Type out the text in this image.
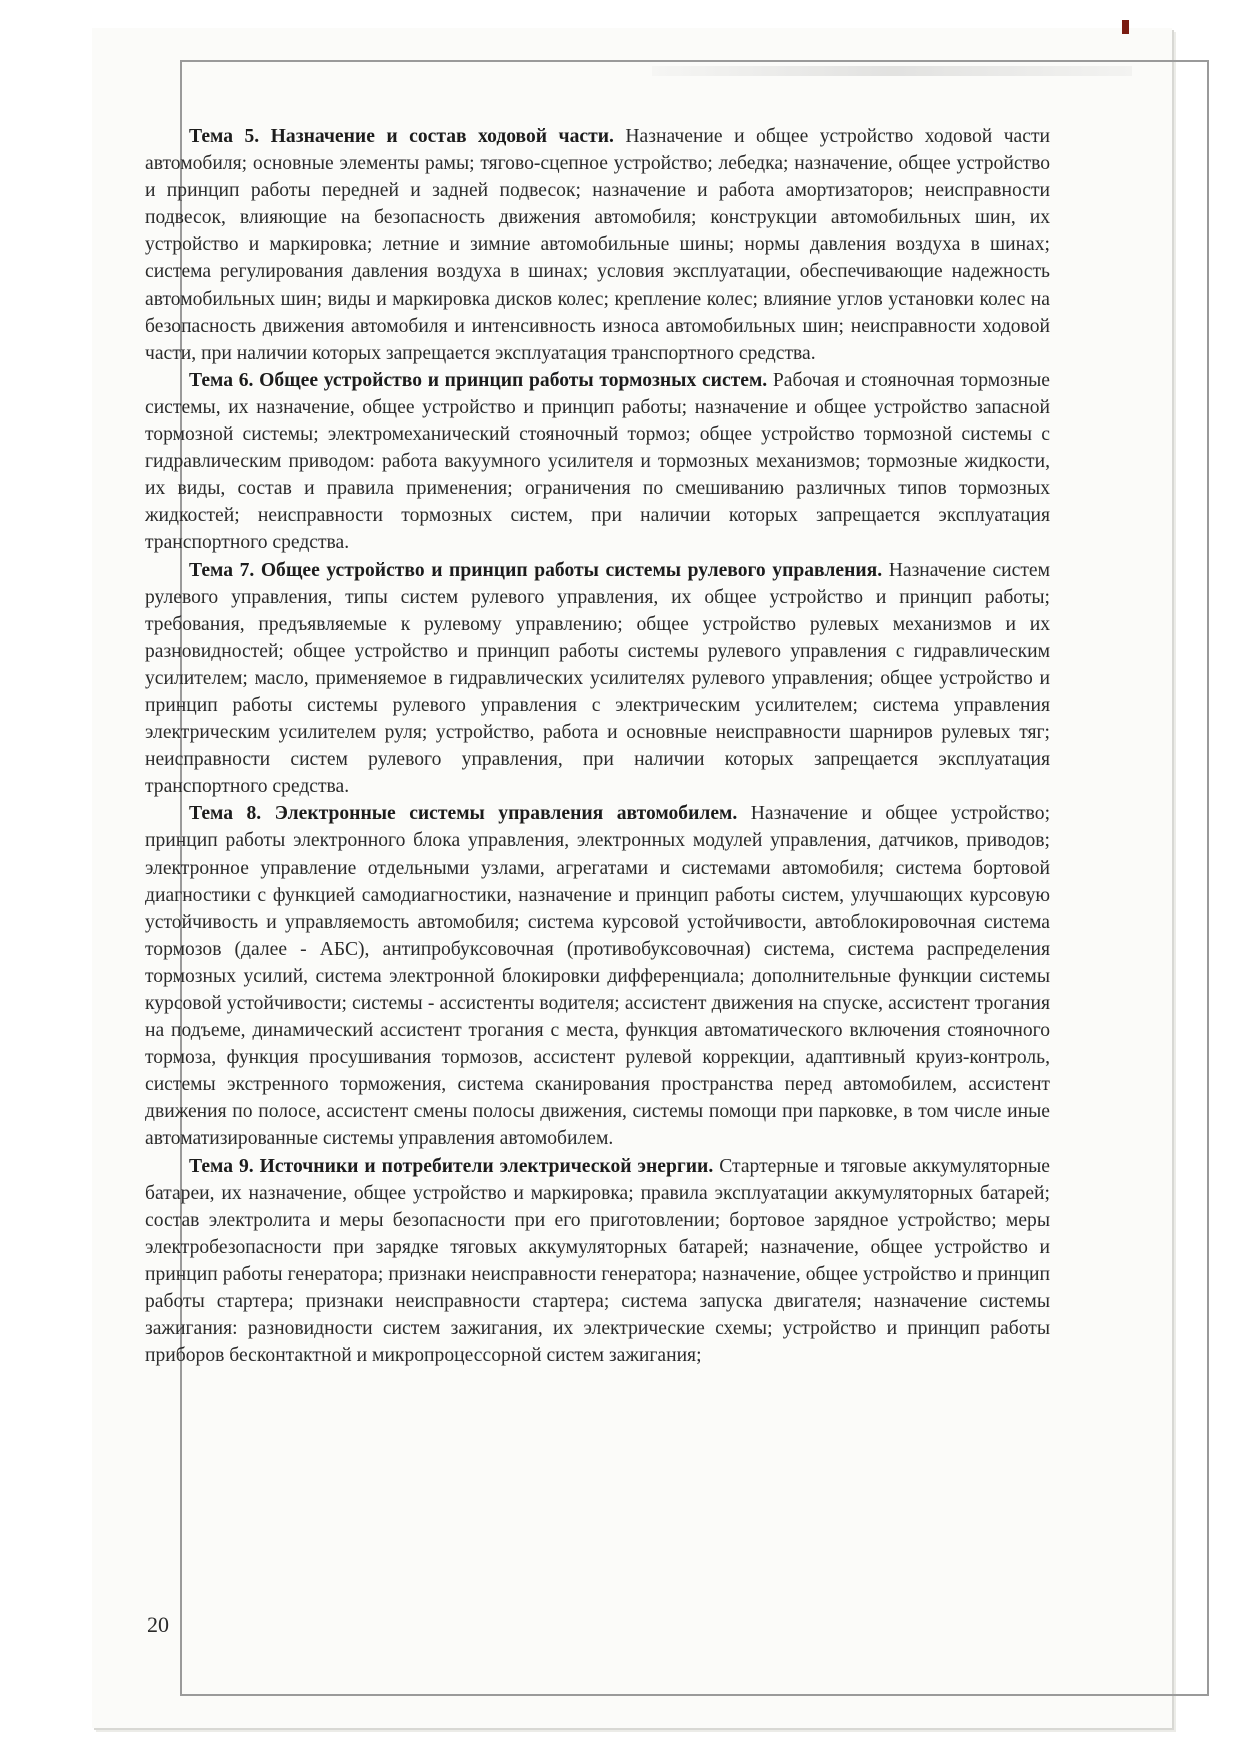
Тема 5. Назначение и состав ходовой части. Назначение и общее устройство ходовой части автомобиля; основные элементы рамы; тягово-сцепное устройство; лебедка; назначение, общее устройство и принцип работы передней и задней подвесок; назначение и работа амортизаторов; неисправности подвесок, влияющие на безопасность движения автомобиля; конструкции автомобильных шин, их устройство и маркировка; летние и зимние автомобильные шины; нормы давления воздуха в шинах; система регулирования давления воздуха в шинах; условия эксплуатации, обеспечивающие надежность автомобильных шин; виды и маркировка дисков колес; крепление колес; влияние углов установки колес на безопасность движения автомобиля и интенсивность износа автомобильных шин; неисправности ходовой части, при наличии которых запрещается эксплуатация транспортного средства.

Тема 6. Общее устройство и принцип работы тормозных систем. Рабочая и стояночная тормозные системы, их назначение, общее устройство и принцип работы; назначение и общее устройство запасной тормозной системы; электромеханический стояночный тормоз; общее устройство тормозной системы с гидравлическим приводом: работа вакуумного усилителя и тормозных механизмов; тормозные жидкости, их виды, состав и правила применения; ограничения по смешиванию различных типов тормозных жидкостей; неисправности тормозных систем, при наличии которых запрещается эксплуатация транспортного средства.

Тема 7. Общее устройство и принцип работы системы рулевого управления. Назначение систем рулевого управления, типы систем рулевого управления, их общее устройство и принцип работы; требования, предъявляемые к рулевому управлению; общее устройство рулевых механизмов и их разновидностей; общее устройство и принцип работы системы рулевого управления с гидравлическим усилителем; масло, применяемое в гидравлических усилителях рулевого управления; общее устройство и принцип работы системы рулевого управления с электрическим усилителем; система управления электрическим усилителем руля; устройство, работа и основные неисправности шарниров рулевых тяг; неисправности систем рулевого управления, при наличии которых запрещается эксплуатация транспортного средства.

Тема 8. Электронные системы управления автомобилем. Назначение и общее устройство; принцип работы электронного блока управления, электронных модулей управления, датчиков, приводов; электронное управление отдельными узлами, агрегатами и системами автомобиля; система бортовой диагностики с функцией самодиагностики, назначение и принцип работы систем, улучшающих курсовую устойчивость и управляемость автомобиля; система курсовой устойчивости, автоблокировочная система тормозов (далее - АБС), антипробуксовочная (противобуксовочная) система, система распределения тормозных усилий, система электронной блокировки дифференциала; дополнительные функции системы курсовой устойчивости; системы - ассистенты водителя; ассистент движения на спуске, ассистент трогания на подъеме, динамический ассистент трогания с места, функция автоматического включения стояночного тормоза, функция просушивания тормозов, ассистент рулевой коррекции, адаптивный круиз-контроль, системы экстренного торможения, система сканирования пространства перед автомобилем, ассистент движения по полосе, ассистент смены полосы движения, системы помощи при парковке, в том числе иные автоматизированные системы управления автомобилем.

Тема 9. Источники и потребители электрической энергии. Стартерные и тяговые аккумуляторные батареи, их назначение, общее устройство и маркировка; правила эксплуатации аккумуляторных батарей; состав электролита и меры безопасности при его приготовлении; бортовое зарядное устройство; меры электробезопасности при зарядке тяговых аккумуляторных батарей; назначение, общее устройство и принцип работы генератора; признаки неисправности генератора; назначение, общее устройство и принцип работы стартера; признаки неисправности стартера; система запуска двигателя; назначение системы зажигания: разновидности систем зажигания, их электрические схемы; устройство и принцип работы приборов бесконтактной и микропроцессорной систем зажигания;

20
